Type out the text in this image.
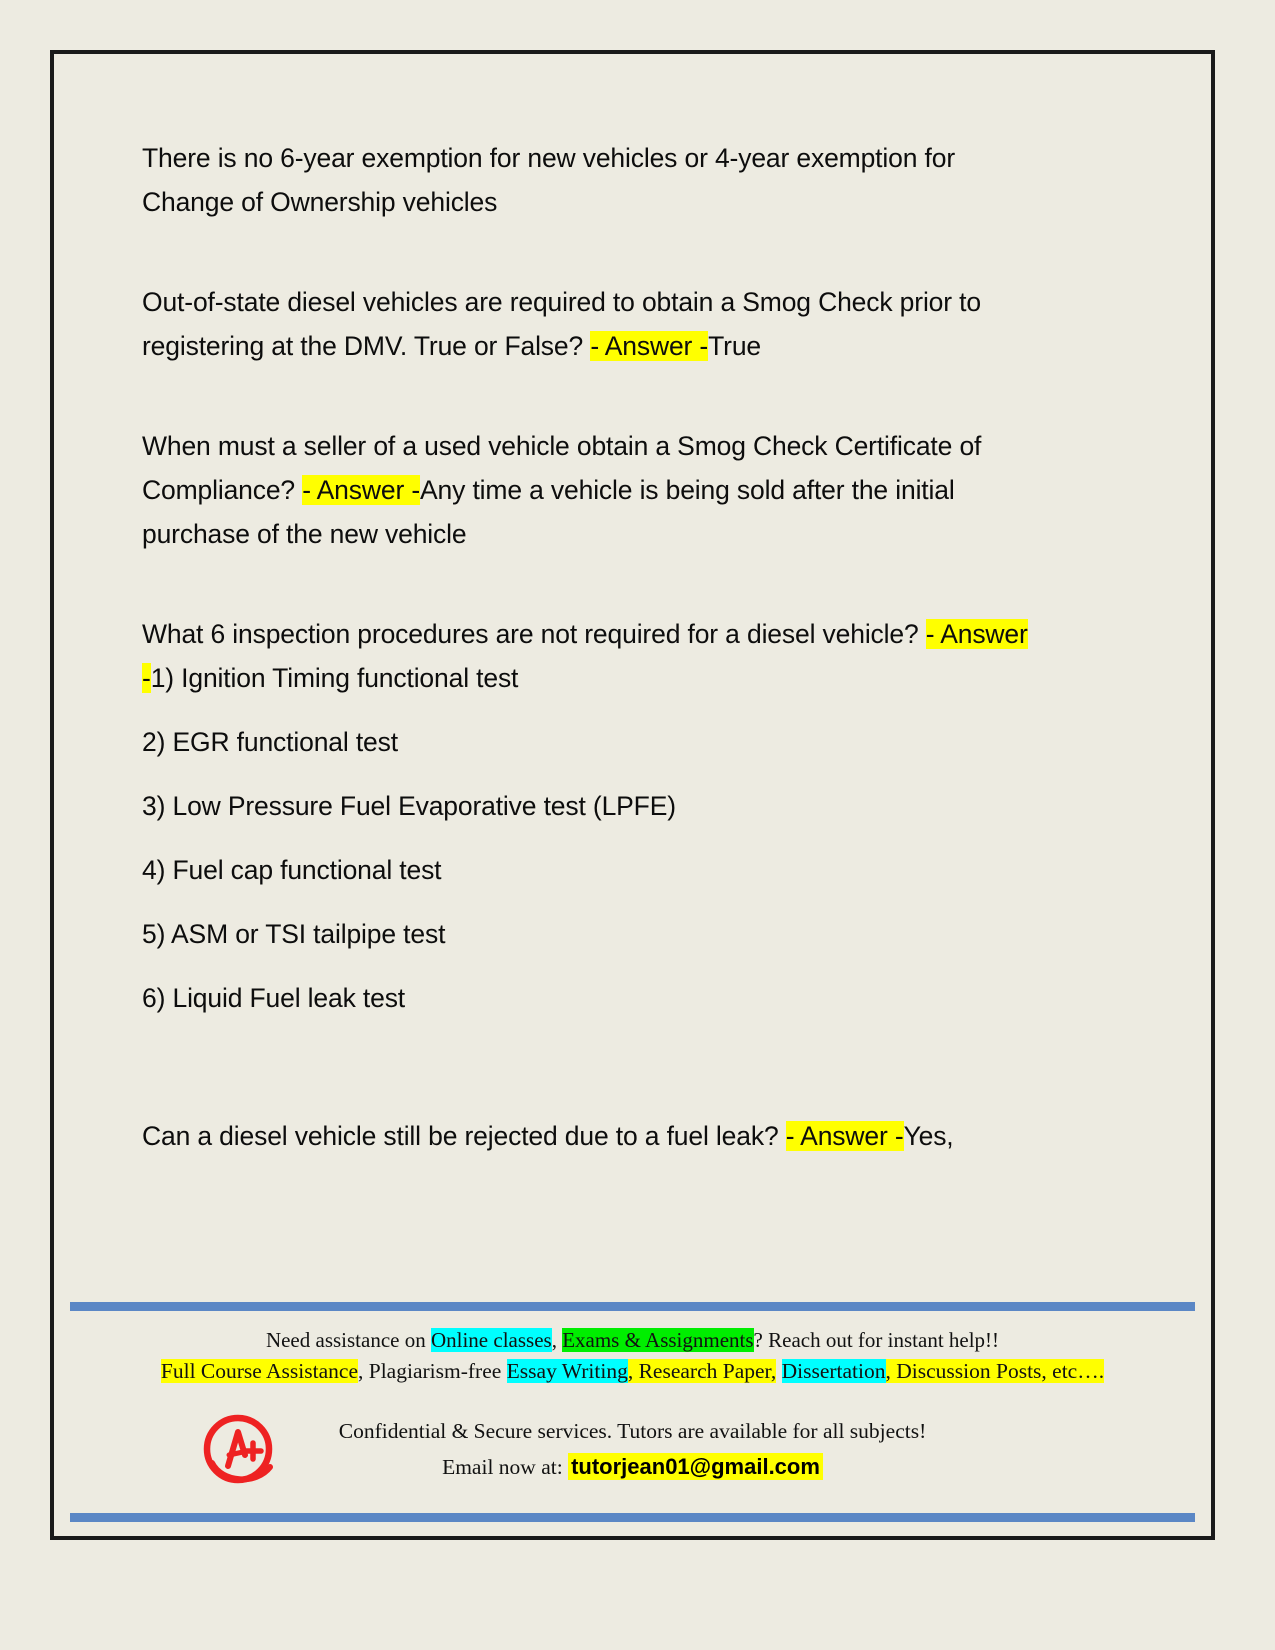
There is no 6-year exemption for new vehicles or 4-year exemption for Change of Ownership vehicles

Out-of-state diesel vehicles are required to obtain a Smog Check prior to registering at the DMV. True or False? - Answer -True

When must a seller of a used vehicle obtain a Smog Check Certificate of Compliance? - Answer -Any time a vehicle is being sold after the initial purchase of the new vehicle

What 6 inspection procedures are not required for a diesel vehicle? - Answer -1) Ignition Timing functional test

2) EGR functional test

3) Low Pressure Fuel Evaporative test (LPFE)

4) Fuel cap functional test

5) ASM or TSI tailpipe test

6) Liquid Fuel leak test

Can a diesel vehicle still be rejected due to a fuel leak? - Answer -Yes,

Need assistance on Online classes, Exams & Assignments? Reach out for instant help!!
Full Course Assistance, Plagiarism-free Essay Writing, Research Paper, Dissertation, Discussion Posts, etc….
Confidential & Secure services. Tutors are available for all subjects!
Email now at: tutorjean01@gmail.com
